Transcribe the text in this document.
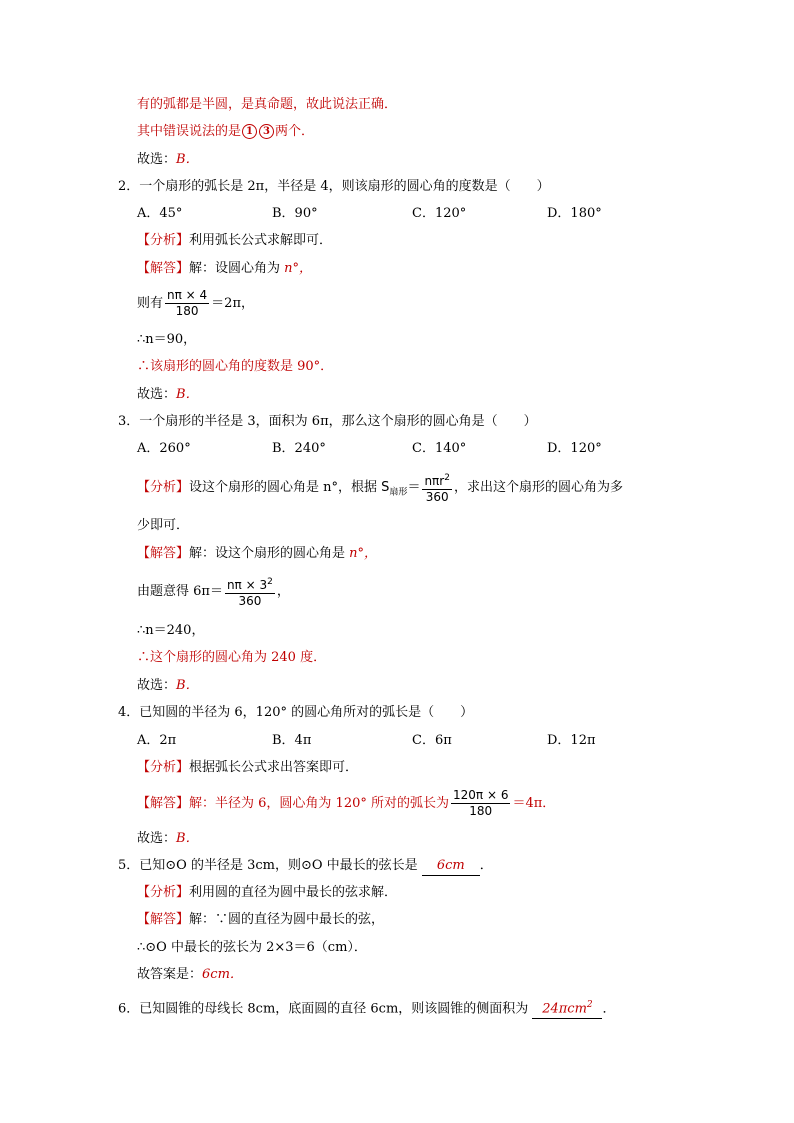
有的弧都是半圆，是真命题，故此说法正确．
其中错误说法的是 1 3 两个．
故选：B．
2．一个扇形的弧长是 2π，半径是 4，则该扇形的圆心角的度数是（　　）
A．45°	B．90°	C．120°	D．180°
【分析】利用弧长公式求解即可．
【解答】解：设圆心角为 n°，
则有 $\frac{n\pi \times 4}{180} =2\pi$，
∴n＝90，
∴该扇形的圆心角的度数是 90°．
故选：B．
3．一个扇形的半径是 3，面积为 6π，那么这个扇形的圆心角是（　　）
A．260°	B．240°	C．140°	D．120°
【分析】设这个扇形的圆心角是 n°，根据 $S_{扇形}= \frac{n\pi r^2}{360}$ ，求出这个扇形的圆心角为多
少即可．
【解答】解：设这个扇形的圆心角是 n°，
由题意得 $6\pi= \frac{n\pi \times 3^2}{360}$ ，
∴n＝240，
∴这个扇形的圆心角为 240 度．
故选：B．
4．已知圆的半径为 6，120° 的圆心角所对的弧长是（　　）
A．2π	B．4π	C．6π	D．12π
【分析】根据弧长公式求出答案即可．
【解答】解：半径为 6，圆心角为 120° 所对的弧长为 $\frac{120\pi \times 6}{180} =4\pi$．
故选：B．
5．已知⊙O 的半径是 3cm，则⊙O 中最长的弦长是 6cm ．
【分析】利用圆的直径为圆中最长的弦求解．
【解答】解：∵圆的直径为圆中最长的弦，
∴⊙O 中最长的弦长为 2×3＝6（cm）．
故答案是：6cm．
6．已知圆锥的母线长 8cm，底面圆的直径 6cm，则该圆锥的侧面积为 24πcm$^2$ ．
